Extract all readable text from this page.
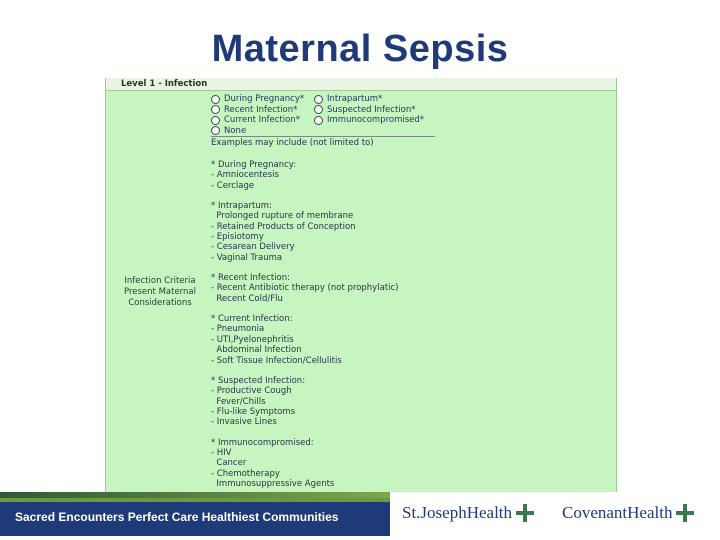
Maternal Sepsis
Level 1 - Infection
Infection Criteria
Present Maternal
Considerations
During Pregnancy*	Intrapartum*
Recent Infection*	Suspected Infection*
Current Infection*	Immunocompromised*
None
Examples may include (not limited to)
* During Pregnancy:
- Amniocentesis
- Cerclage
* Intrapartum:
Prolonged rupture of membrane
- Retained Products of Conception
- Episiotomy
- Cesarean Delivery
- Vaginal Trauma
* Recent Infection:
- Recent Antibiotic therapy (not prophylatic)
Recent Cold/Flu
* Current Infection:
- Pneumonia
- UTI,Pyelonephritis
Abdominal Infection
- Soft Tissue Infection/Cellulitis
* Suspected Infection:
- Productive Cough
Fever/Chills
- Flu-like Symptoms
- Invasive Lines
* Immunocompromised:
- HIV
Cancer
- Chemotherapy
Immunosuppressive Agents
Sacred Encounters Perfect Care Healthiest Communities	St.JosephHealth	CovenantHealth
